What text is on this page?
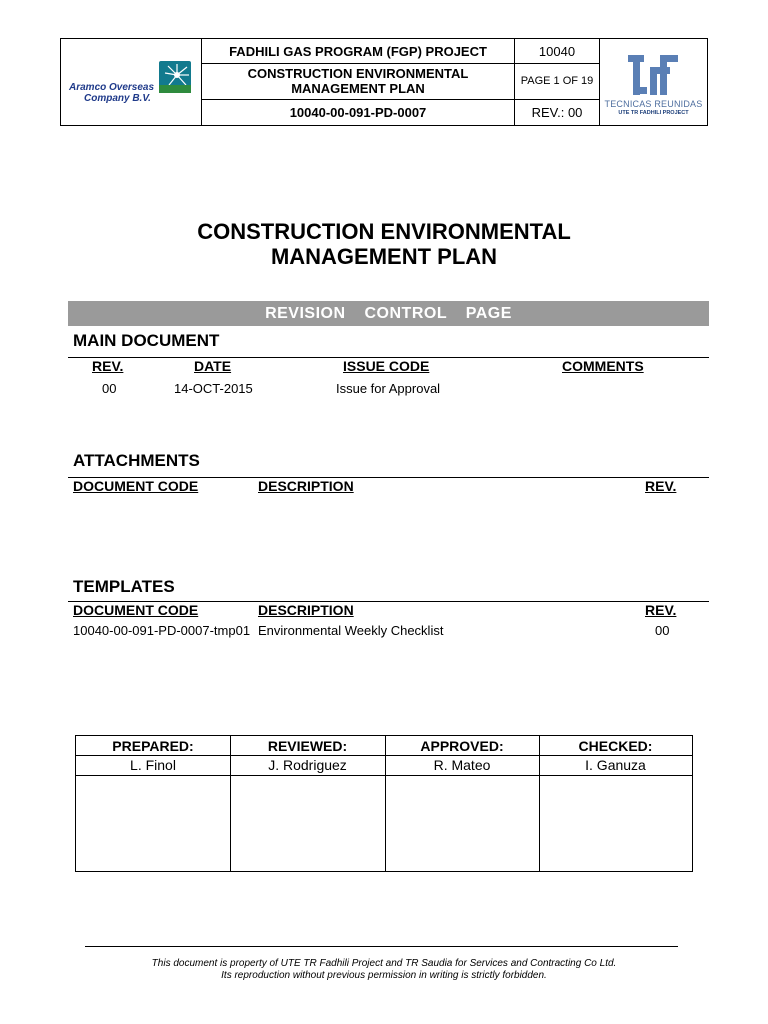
Aramco Overseas
Company B.V.
FADHILI GAS PROGRAM (FGP) PROJECT
CONSTRUCTION ENVIRONMENTAL
MANAGEMENT PLAN
10040-00-091-PD-0007
10040
PAGE 1 OF 19
REV.: 00
TECNICAS REUNIDAS
UTE TR FADHILI PROJECT
CONSTRUCTION ENVIRONMENTAL
MANAGEMENT PLAN
REVISION CONTROL PAGE
MAIN DOCUMENT
REV.	DATE	ISSUE CODE	COMMENTS
00	14-OCT-2015	Issue for Approval
ATTACHMENTS
DOCUMENT CODE	DESCRIPTION	REV.
TEMPLATES
DOCUMENT CODE	DESCRIPTION	REV.
10040-00-091-PD-0007-tmp01 Environmental Weekly Checklist	00
PREPARED:
L. Finol
REVIEWED:
J. Rodriguez
APPROVED:
R. Mateo
CHECKED:
I. Ganuza
This document is property of UTE TR Fadhili Project and TR Saudia for Services and Contracting Co Ltd.
Its reproduction without previous permission in writing is strictly forbidden.
